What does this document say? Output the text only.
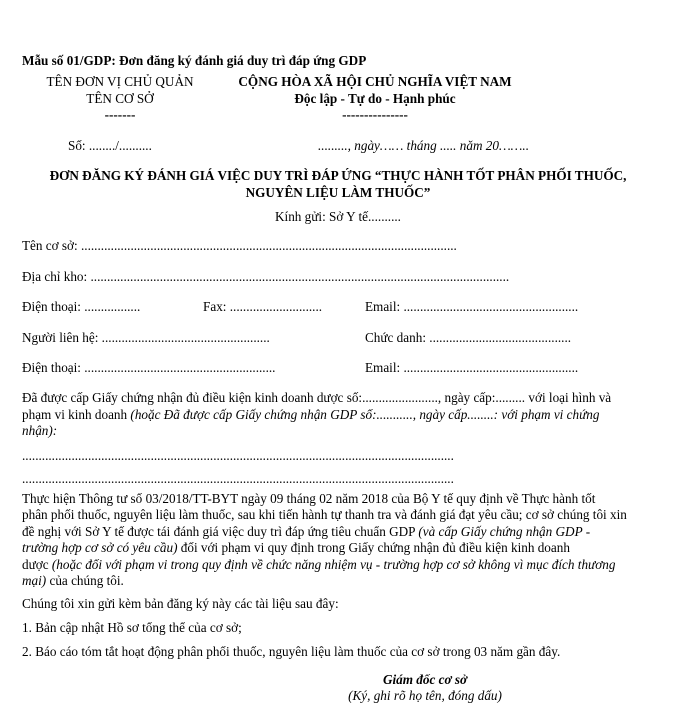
Mẫu số 01/GDP: Đơn đăng ký đánh giá duy trì đáp ứng GDP
TÊN ĐƠN VỊ CHỦ QUẢN
TÊN CƠ SỞ
-------
CỘNG HÒA XÃ HỘI CHỦ NGHĨA VIỆT NAM
Độc lập - Tự do - Hạnh phúc
---------------
Số: ......../..........	........., ngày…… tháng ..... năm 20……..
ĐƠN ĐĂNG KÝ ĐÁNH GIÁ VIỆC DUY TRÌ ĐÁP ỨNG “THỰC HÀNH TỐT PHÂN PHỐI THUỐC,
NGUYÊN LIỆU LÀM THUỐC”
Kính gửi: Sở Y tế..........
Tên cơ sở: ..................................................................................................................
Địa chỉ kho: ...............................................................................................................................
Điện thoại: .................	Fax: ............................	Email: .....................................................
Người liên hệ: ...................................................	Chức danh: ...........................................
Điện thoại: ..........................................................	Email: .....................................................
Đã được cấp Giấy chứng nhận đủ điều kiện kinh doanh dược số:......................., ngày cấp:......... với loại hình và
phạm vi kinh doanh (hoặc Đã được cấp Giấy chứng nhận GDP số:..........., ngày cấp........: với phạm vi chứng
nhận):
...................................................................................................................................
...................................................................................................................................
Thực hiện Thông tư số 03/2018/TT-BYT ngày 09 tháng 02 năm 2018 của Bộ Y tế quy định về Thực hành tốt
phân phối thuốc, nguyên liệu làm thuốc, sau khi tiến hành tự thanh tra và đánh giá đạt yêu cầu; cơ sở chúng tôi xin
đề nghị với Sở Y tế được tái đánh giá việc duy trì đáp ứng tiêu chuẩn GDP (và cấp Giấy chứng nhận GDP -
trường hợp cơ sở có yêu cầu) đối với phạm vi quy định trong Giấy chứng nhận đủ điều kiện kinh doanh
dược (hoặc đối với phạm vi trong quy định về chức năng nhiệm vụ - trường hợp cơ sở không vì mục đích thương
mại) của chúng tôi.
Chúng tôi xin gửi kèm bản đăng ký này các tài liệu sau đây:
1. Bản cập nhật Hồ sơ tổng thể của cơ sở;
2. Báo cáo tóm tắt hoạt động phân phối thuốc, nguyên liệu làm thuốc của cơ sở trong 03 năm gần đây.
Giám đốc cơ sở
(Ký, ghi rõ họ tên, đóng dấu)
